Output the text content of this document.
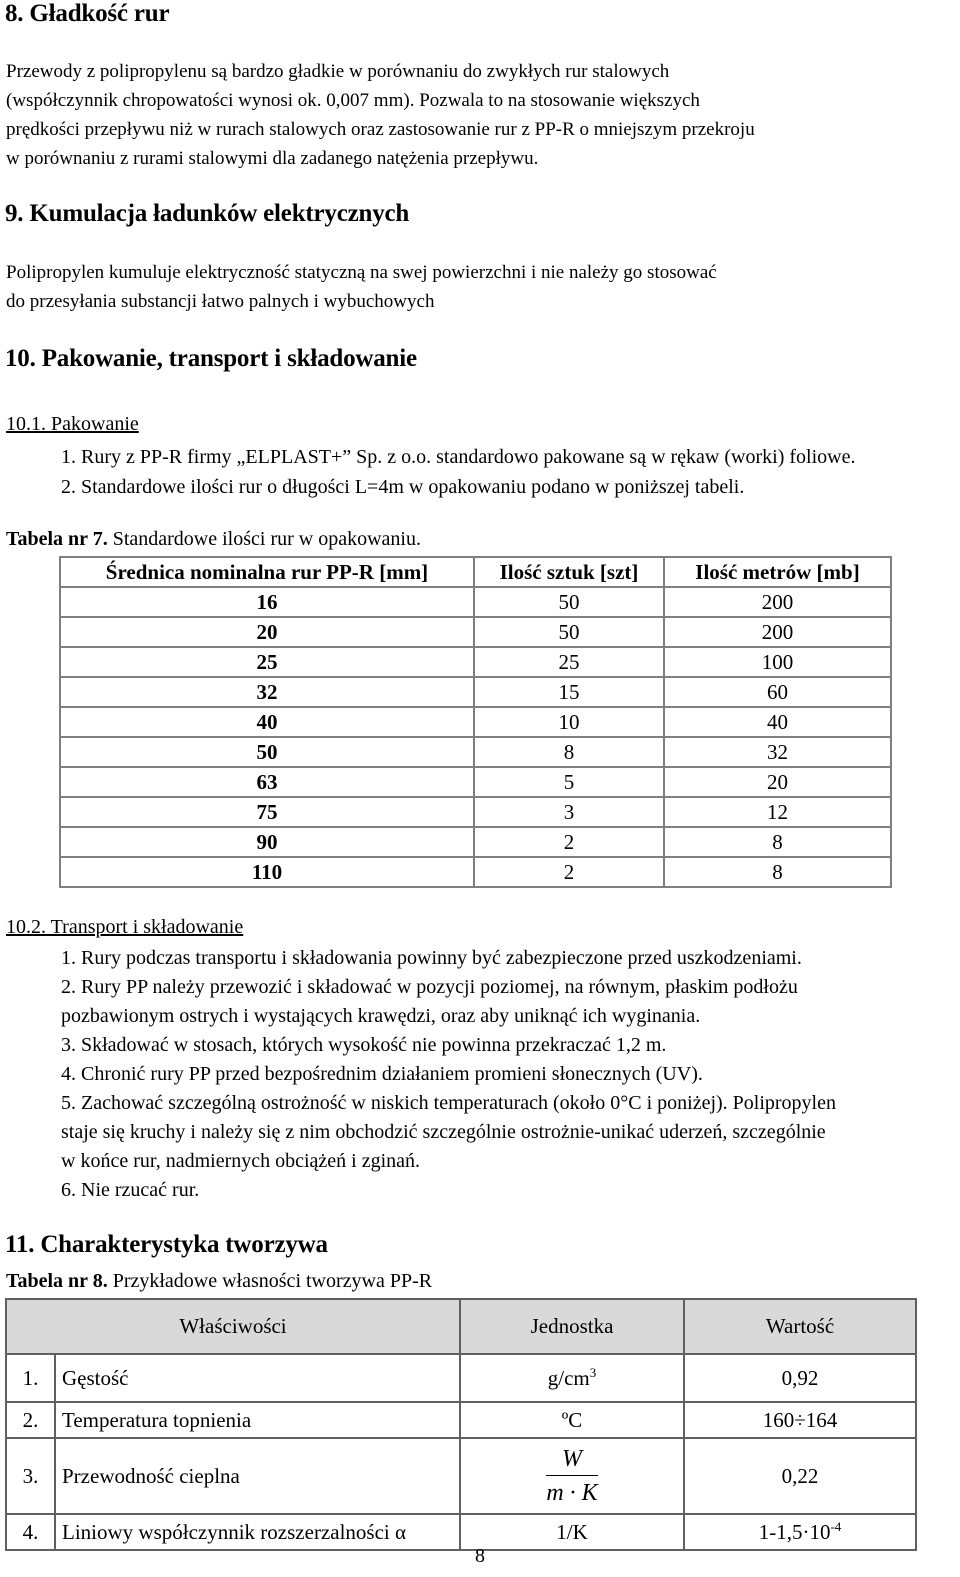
8. Gładkość rur
Przewody z polipropylenu są bardzo gładkie w porównaniu do zwykłych rur stalowych
(współczynnik chropowatości wynosi ok. 0,007 mm). Pozwala to na stosowanie większych
prędkości przepływu niż w rurach stalowych oraz zastosowanie rur z PP-R o mniejszym przekroju
w porównaniu z rurami stalowymi dla zadanego natężenia przepływu.
9. Kumulacja ładunków elektrycznych
Polipropylen kumuluje elektryczność statyczną na swej powierzchni i nie należy go stosować
do przesyłania substancji łatwo palnych i wybuchowych
10. Pakowanie, transport i składowanie
10.1. Pakowanie
1. Rury z PP-R firmy „ELPLAST+” Sp. z o.o. standardowo pakowane są w rękaw (worki) foliowe.
2. Standardowe ilości rur o długości L=4m w opakowaniu podano w poniższej tabeli.
Tabela nr 7. Standardowe ilości rur w opakowaniu.
Średnica nominalna rur PP-R [mm]	Ilość sztuk [szt]	Ilość metrów [mb]
16	50	200
20	50	200
25	25	100
32	15	60
40	10	40
50	8	32
63	5	20
75	3	12
90	2	8
110	2	8
10.2. Transport i składowanie
1. Rury podczas transportu i składowania powinny być zabezpieczone przed uszkodzeniami.
2. Rury PP należy przewozić i składować w pozycji poziomej, na równym, płaskim podłożu
pozbawionym ostrych i wystających krawędzi, oraz aby uniknąć ich wyginania.
3. Składować w stosach, których wysokość nie powinna przekraczać 1,2 m.
4. Chronić rury PP przed bezpośrednim działaniem promieni słonecznych (UV).
5. Zachować szczególną ostrożność w niskich temperaturach (około 0°C i poniżej). Polipropylen
staje się kruchy i należy się z nim obchodzić szczególnie ostrożnie-unikać uderzeń, szczególnie
w końce rur, nadmiernych obciążeń i zginań.
6. Nie rzucać rur.
11. Charakterystyka tworzywa
Tabela nr 8. Przykładowe własności tworzywa PP-R
Właściwości		Jednostka	Wartość
1.	Gęstość	$g/cm^3$	0,92
2.	Temperatura topnienia	ºC	160÷164
3.	Przewodność cieplna	$\frac{W}{m \cdot K}$	0,22
4.	Liniowy współczynnik rozszerzalności α	1/K	$1-1,5\cdot 10^{-4}$
8
